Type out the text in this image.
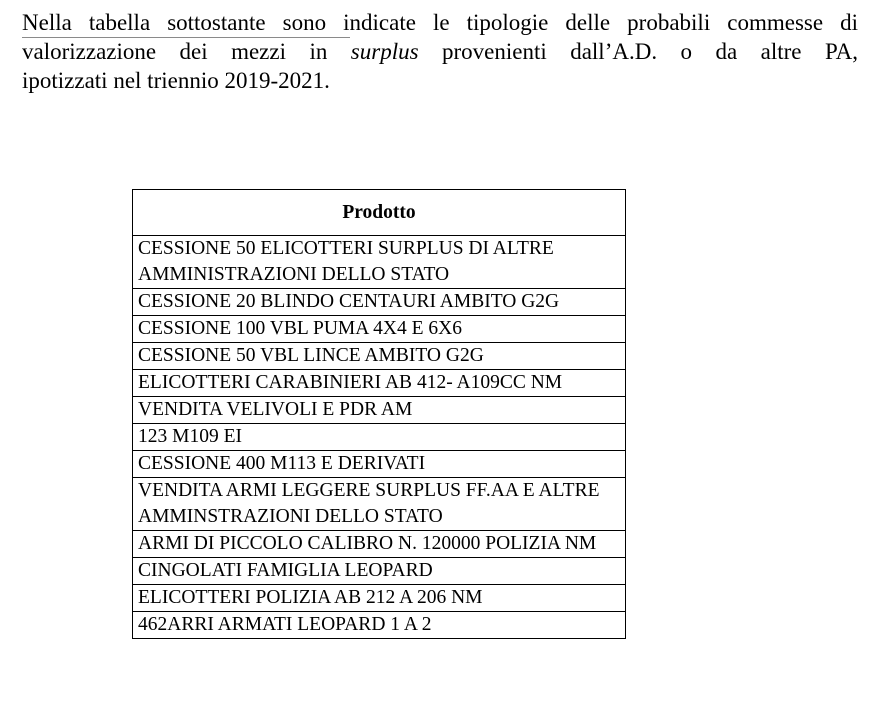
Nella tabella sottostante sono indicate le tipologie delle probabili commesse di
valorizzazione dei mezzi in surplus provenienti dall’A.D. o da altre PA,
ipotizzati nel triennio 2019-2021.
Prodotto
CESSIONE 50 ELICOTTERI SURPLUS DI ALTRE AMMINISTRAZIONI DELLO STATO
CESSIONE 20 BLINDO CENTAURI AMBITO G2G
CESSIONE 100 VBL PUMA 4X4 E 6X6
CESSIONE 50 VBL LINCE AMBITO G2G
ELICOTTERI CARABINIERI AB 412- A109CC NM
VENDITA VELIVOLI E PDR AM
123 M109 EI
CESSIONE 400 M113 E DERIVATI
VENDITA ARMI LEGGERE SURPLUS FF.AA E ALTRE AMMINSTRAZIONI DELLO STATO
ARMI DI PICCOLO CALIBRO N. 120000 POLIZIA NM
CINGOLATI FAMIGLIA LEOPARD
ELICOTTERI POLIZIA AB 212 A 206 NM
462ARRI ARMATI LEOPARD 1 A 2
